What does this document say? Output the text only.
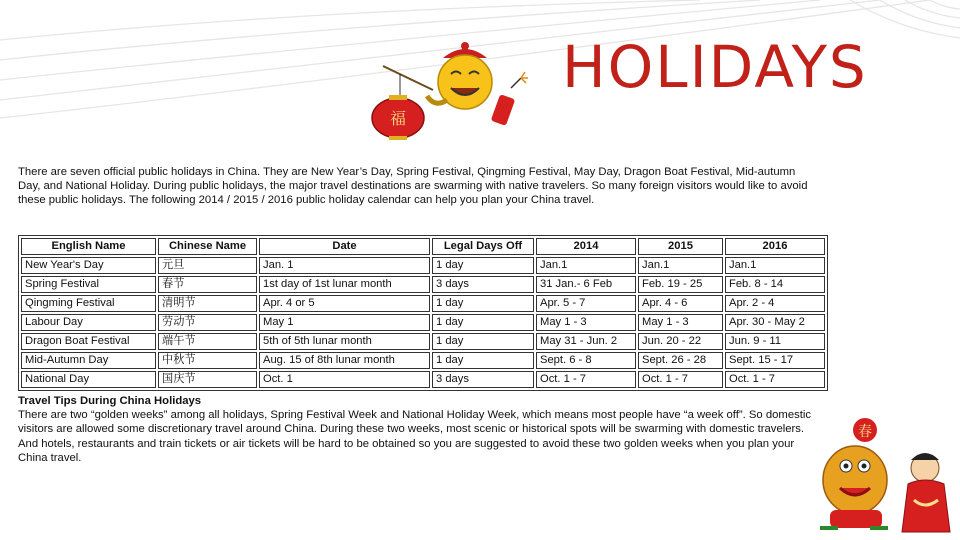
HOLIDAYS
福

There are seven official public holidays in China. They are New Year’s Day, Spring Festival, Qingming Festival, May Day, Dragon Boat Festival, Mid-autumn Day, and National Holiday. During public holidays, the major travel destinations are swarming with native travelers. So many foreign visitors would like to avoid these public holidays. The following 2014 / 2015 / 2016 public holiday calendar can help you plan your China travel.

English Name	Chinese Name	Date	Legal Days Off	2014	2015	2016
New Year's Day	元旦	Jan. 1	1 day	Jan.1	Jan.1	Jan.1
Spring Festival	春节	1st day of 1st lunar month	3 days	31 Jan.- 6 Feb	Feb. 19 - 25	Feb. 8 - 14
Qingming Festival	清明节	Apr. 4 or 5	1 day	Apr. 5 - 7	Apr. 4 - 6	Apr. 2 - 4
Labour Day	劳动节	May 1	1 day	May 1 - 3	May 1 - 3	Apr. 30 - May 2
Dragon Boat Festival	端午节	5th of 5th lunar month	1 day	May 31 - Jun. 2	Jun. 20 - 22	Jun. 9 - 11
Mid-Autumn Day	中秋节	Aug. 15 of 8th lunar month	1 day	Sept. 6 - 8	Sept. 26 - 28	Sept. 15 - 17
National Day	国庆节	Oct. 1	3 days	Oct. 1 - 7	Oct. 1 - 7	Oct. 1 - 7
Travel Tips During China Holidays

There are two “golden weeks” among all holidays, Spring Festival Week and National Holiday Week, which means most people have “a week off”. So domestic visitors are allowed some discretionary travel around China. During these two weeks, most scenic or historical spots will be swarming with domestic travelers. And hotels, restaurants and train tickets or air tickets will be hard to be obtained so you are suggested to avoid these two golden weeks when you plan your China travel.

春
